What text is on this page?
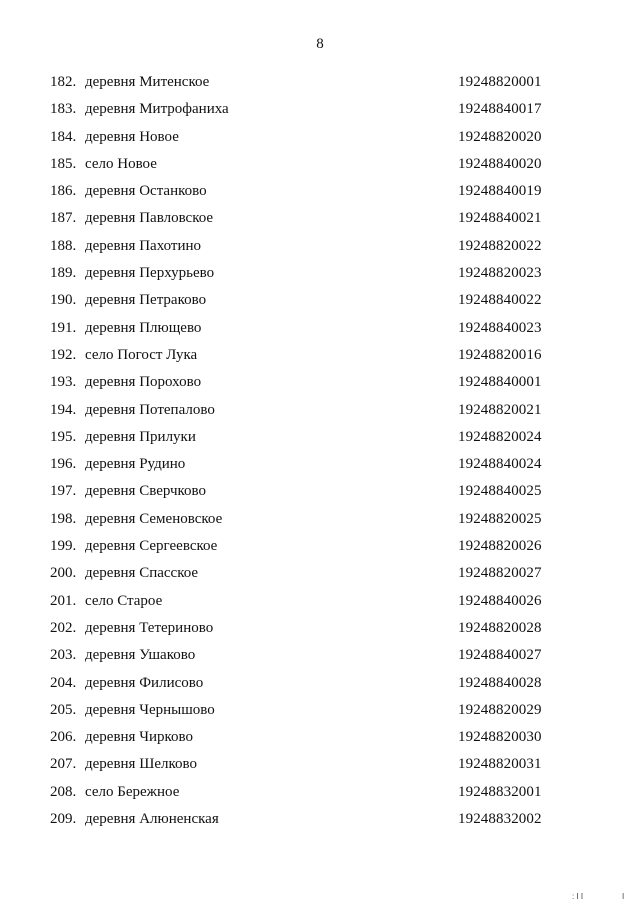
8
182. деревня Митенское	19248820001
183. деревня Митрофаниха	19248840017
184. деревня Новое	19248820020
185. село Новое	19248840020
186. деревня Останково	19248840019
187. деревня Павловское	19248840021
188. деревня Пахотино	19248820022
189. деревня Перхурьево	19248820023
190. деревня Петраково	19248840022
191. деревня Плющево	19248840023
192. село Погост Лука	19248820016
193. деревня Порохово	19248840001
194. деревня Потепалово	19248820021
195. деревня Прилуки	19248820024
196. деревня Рудино	19248840024
197. деревня Сверчково	19248840025
198. деревня Семеновское	19248820025
199. деревня Сергеевское	19248820026
200. деревня Спасское	19248820027
201. село Старое	19248840026
202. деревня Тетериново	19248820028
203. деревня Ушаково	19248840027
204. деревня Филисово	19248840028
205. деревня Чернышово	19248820029
206. деревня Чирково	19248820030
207. деревня Шелково	19248820031
208. село Бережное	19248832001
209. деревня Алюненская	19248832002
: I I	I
